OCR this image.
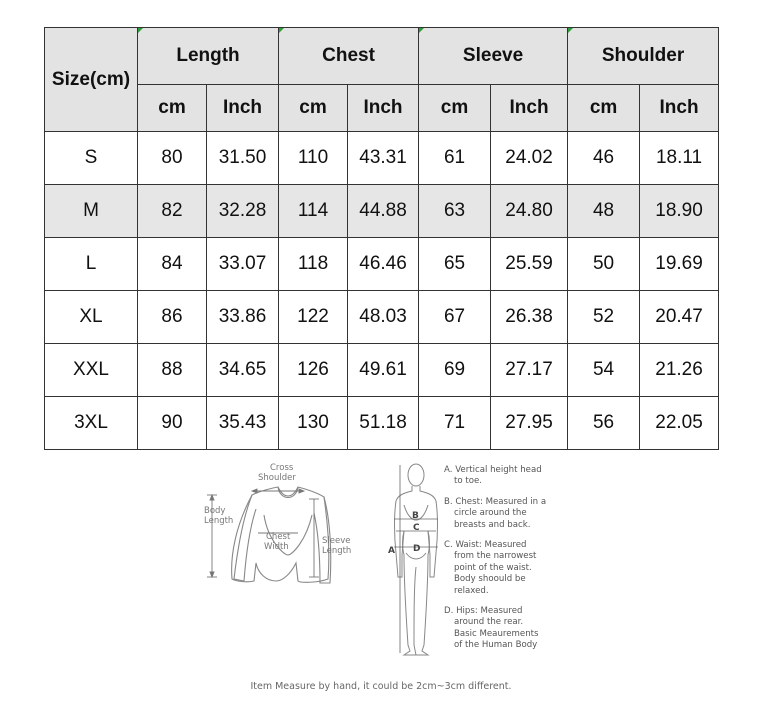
Size(cm)	Length		Chest		Sleeve		Shoulder	
	cm	Inch	cm	Inch	cm	Inch	cm	Inch
S	80	31.50	110	43.31	61	24.02	46	18.11
M	82	32.28	114	44.88	63	24.80	48	18.90
L	84	33.07	118	46.46	65	25.59	50	19.69
XL	86	33.86	122	48.03	67	26.38	52	20.47
XXL	88	34.65	126	49.61	69	27.17	54	21.26
3XL	90	35.43	130	51.18	71	27.95	56	22.05
Cross
Shoulder
Body
Length
Chest
Width
Sleeve
Length	A
B
C
D
A. Vertical height head
to toe.
B. Chest: Measured in a
circle around the
breasts and back.
C. Waist: Measured
from the narrowest
point of the waist.
Body shoould be
relaxed.
D. Hips: Measured
around the rear.
Basic Meaurements
of the Human Body
Item Measure by hand, it could be 2cm~3cm different.
